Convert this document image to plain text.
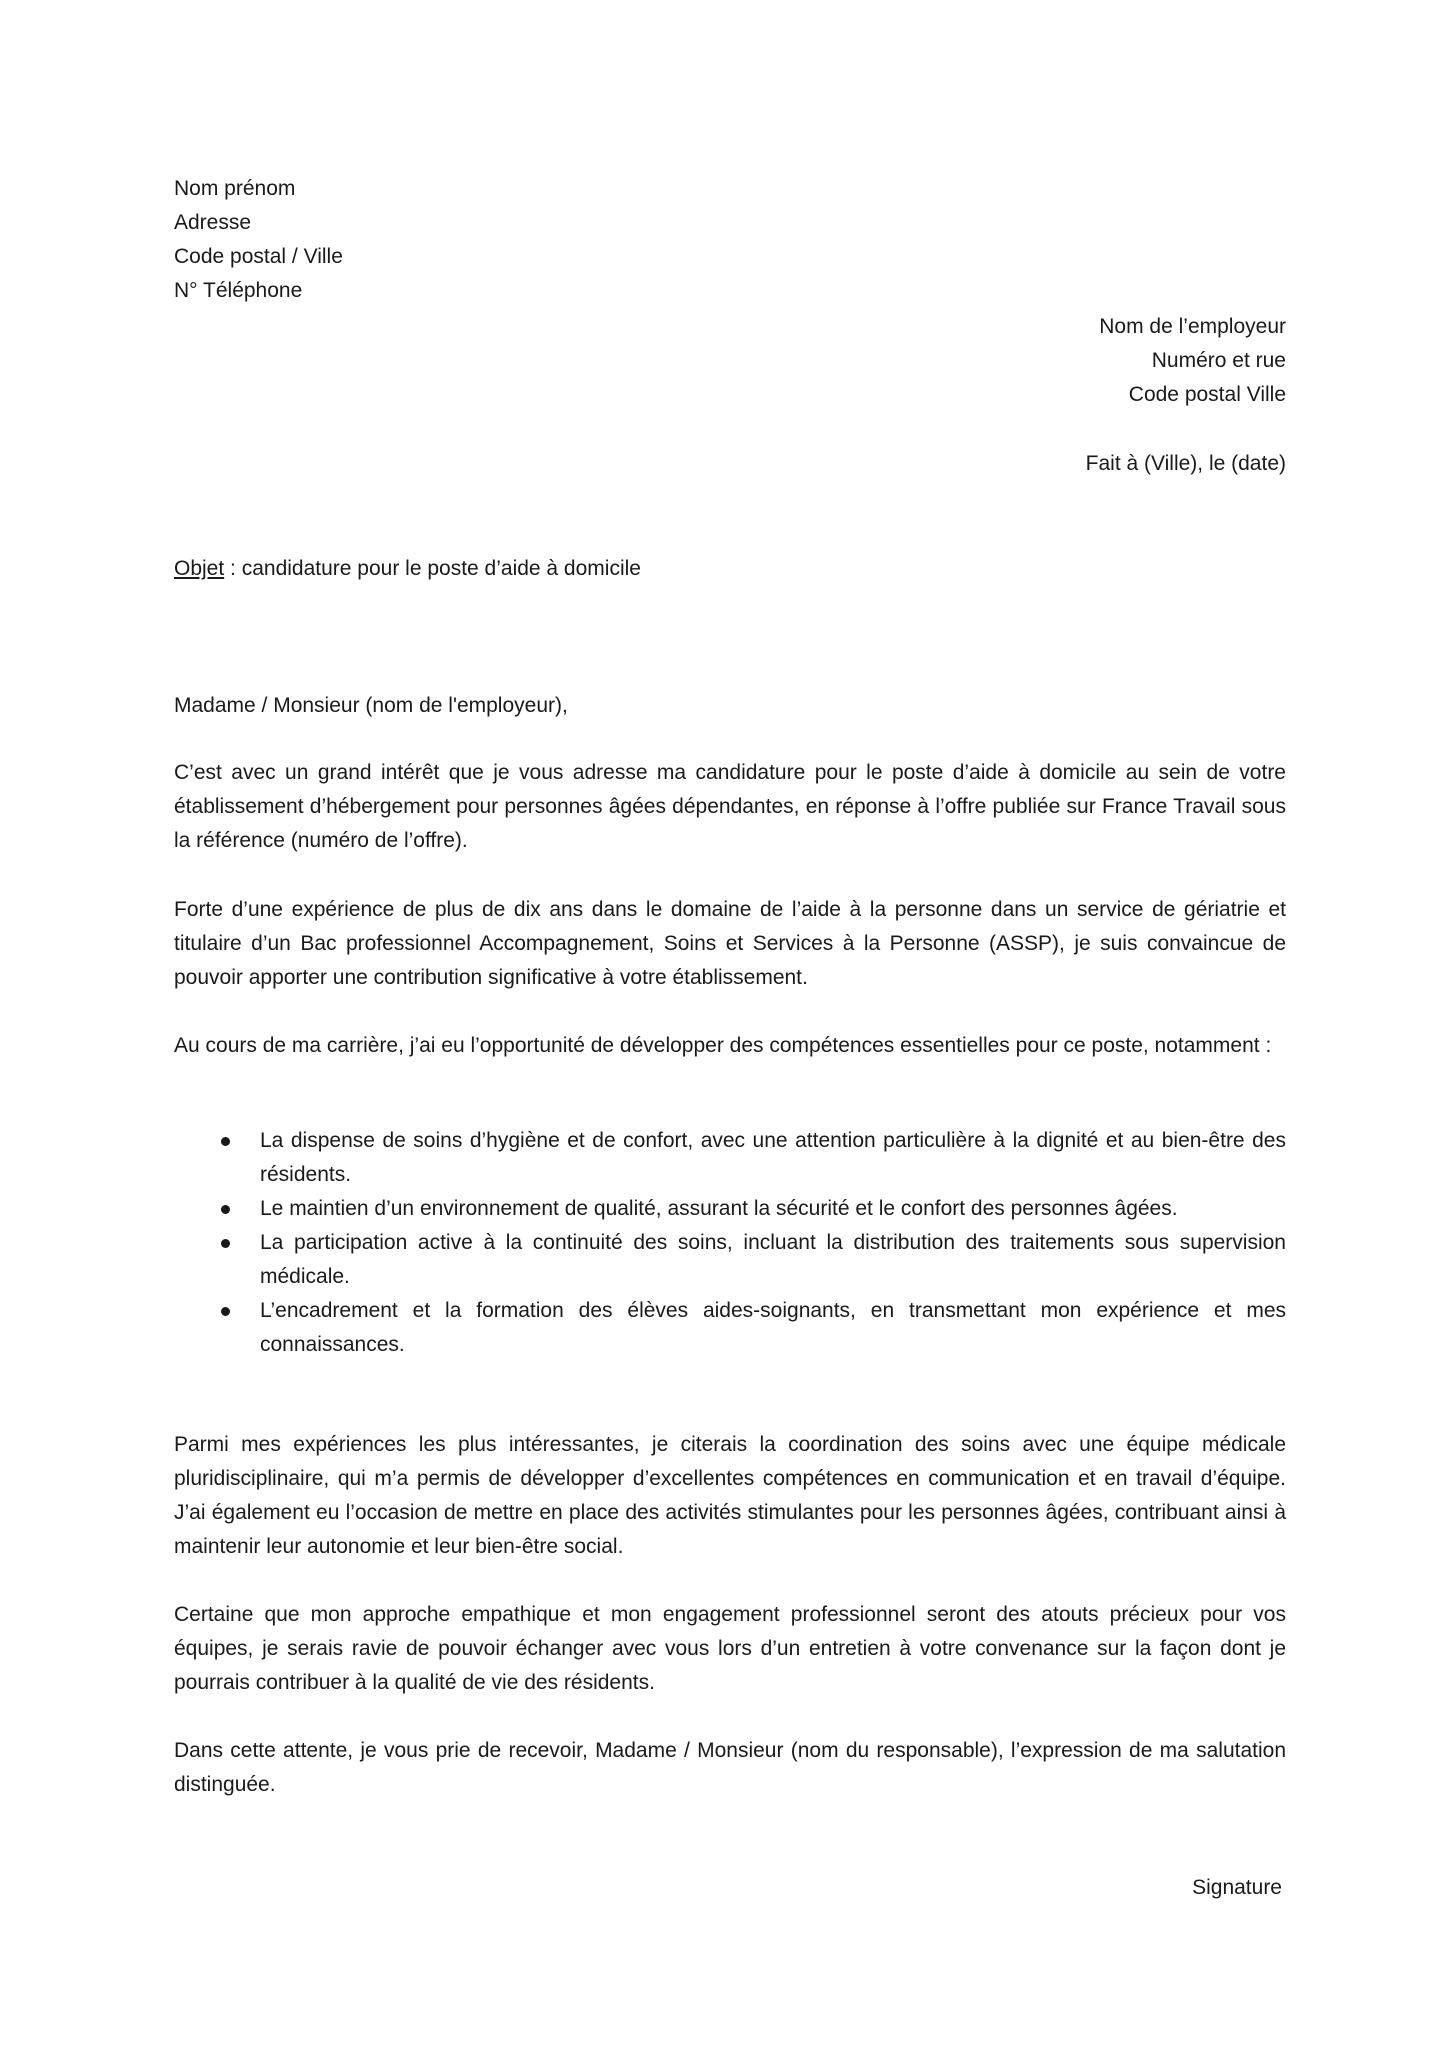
Nom prénom
Adresse
Code postal / Ville
N° Téléphone
Nom de l’employeur
Numéro et rue
Code postal Ville
Fait à (Ville), le (date)
Objet : candidature pour le poste d’aide à domicile
Madame / Monsieur (nom de l'employeur),

C’est avec un grand intérêt que je vous adresse ma candidature pour le poste d’aide à domicile au sein de votre établissement d’hébergement pour personnes âgées dépendantes, en réponse à l’offre publiée sur France Travail sous la référence (numéro de l’offre).

Forte d’une expérience de plus de dix ans dans le domaine de l’aide à la personne dans un service de gériatrie et titulaire d’un Bac professionnel Accompagnement, Soins et Services à la Personne (ASSP), je suis convaincue de pouvoir apporter une contribution significative à votre établissement.

Au cours de ma carrière, j’ai eu l’opportunité de développer des compétences essentielles pour ce poste, notamment :

La dispense de soins d’hygiène et de confort, avec une attention particulière à la dignité et au bien-être des résidents.
Le maintien d’un environnement de qualité, assurant la sécurité et le confort des personnes âgées.
La participation active à la continuité des soins, incluant la distribution des traitements sous supervision médicale.
L’encadrement et la formation des élèves aides-soignants, en transmettant mon expérience et mes connaissances.

Parmi mes expériences les plus intéressantes, je citerais la coordination des soins avec une équipe médicale pluridisciplinaire, qui m’a permis de développer d’excellentes compétences en communication et en travail d’équipe. J’ai également eu l’occasion de mettre en place des activités stimulantes pour les personnes âgées, contribuant ainsi à maintenir leur autonomie et leur bien-être social.

Certaine que mon approche empathique et mon engagement professionnel seront des atouts précieux pour vos équipes, je serais ravie de pouvoir échanger avec vous lors d’un entretien à votre convenance sur la façon dont je pourrais contribuer à la qualité de vie des résidents.

Dans cette attente, je vous prie de recevoir, Madame / Monsieur (nom du responsable), l’expression de ma salutation distinguée.

Signature
